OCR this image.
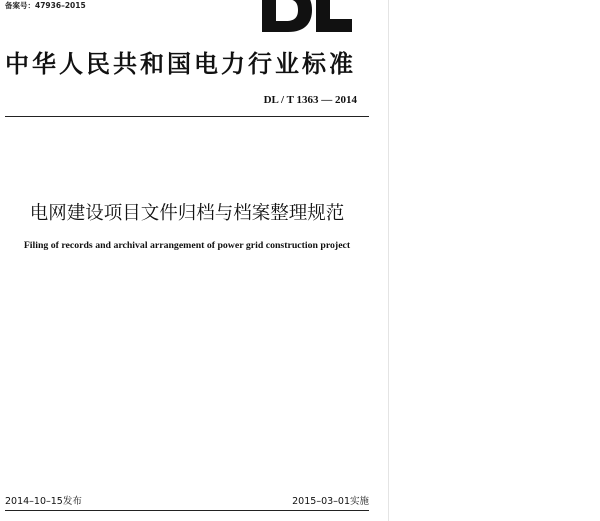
备案号：47936–2015
中华人民共和国电力行业标准
DL / T 1363 — 2014
电网建设项目文件归档与档案整理规范
Filing of records and archival arrangement of power grid construction project
2014–10–15发布	2015–03–01实施
